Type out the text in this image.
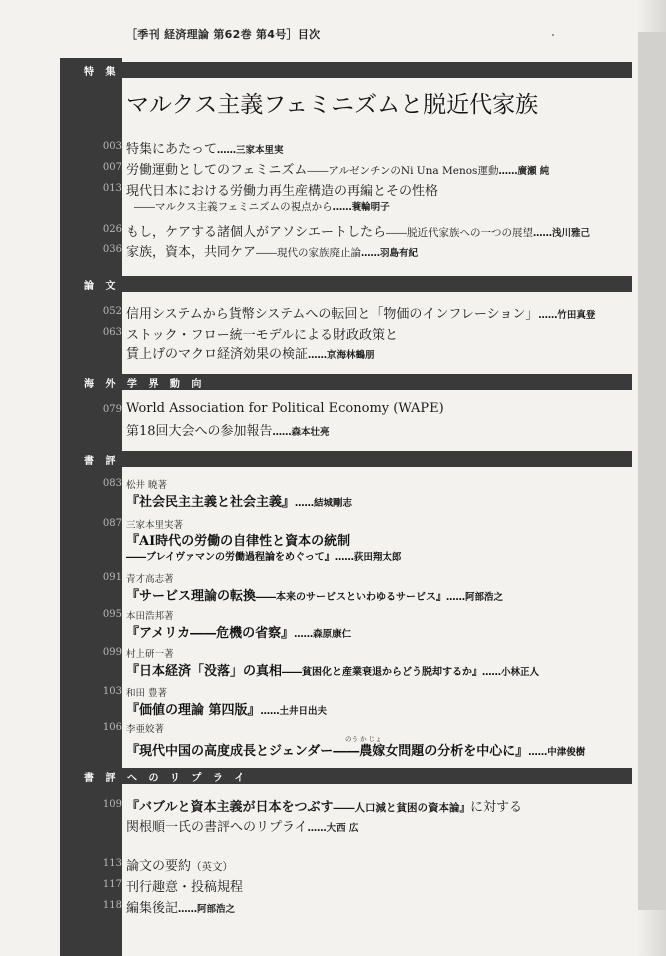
［季刊 経済理論 第62巻 第4号］目次
特 集
マルクス主義フェミニズムと脱近代家族
003 特集にあたって……三家本里実
007 労働運動としてのフェミニズム――アルゼンチンのNi Una Menos運動……廣瀬 純
013 現代日本における労働力再生産構造の再編とその性格
――マルクス主義フェミニズムの視点から……蓑輪明子
026 もし，ケアする諸個人がアソシエートしたら――脱近代家族への一つの展望……浅川雅己
036 家族，資本，共同ケア――現代の家族廃止論……羽島有紀
論 文
052 信用システムから貨幣システムへの転回と「物価のインフレーション」……竹田真登
063 ストック・フロー統一モデルによる財政政策と
賃上げのマクロ経済効果の検証……京海林鶴朋
海 外 学 界 動 向
079 World Association for Political Economy (WAPE)
第18回大会への参加報告……森本壮亮
書 評
083 松井 暁著
『社会民主主義と社会主義』……結城剛志
087 三家本里実著
『AI時代の労働の自律性と資本の統制
――ブレイヴァマンの労働過程論をめぐって』……荻田翔太郎
091 青才高志著
『サービス理論の転換――本来のサービスといわゆるサービス』……阿部浩之
095 本田浩邦著
『アメリカ――危機の省察』……森原康仁
099 村上研一著
『日本経済「没落」の真相――貧困化と産業衰退からどう脱却するか』……小林正人
103 和田 豊著
『価値の理論 第四版』……土井日出夫
106 李亜姣著
のう か じょ
『現代中国の高度成長とジェンダー――農嫁女問題の分析を中心に』……中津俊樹
書 評 へ の リ プ ラ イ
109 『バブルと資本主義が日本をつぶす――人口減と貧困の資本論』に対する
関根順一氏の書評へのリプライ……大西 広
113 論文の要約（英文）
117 刊行趣意・投稿規程
118 編集後記……阿部浩之
